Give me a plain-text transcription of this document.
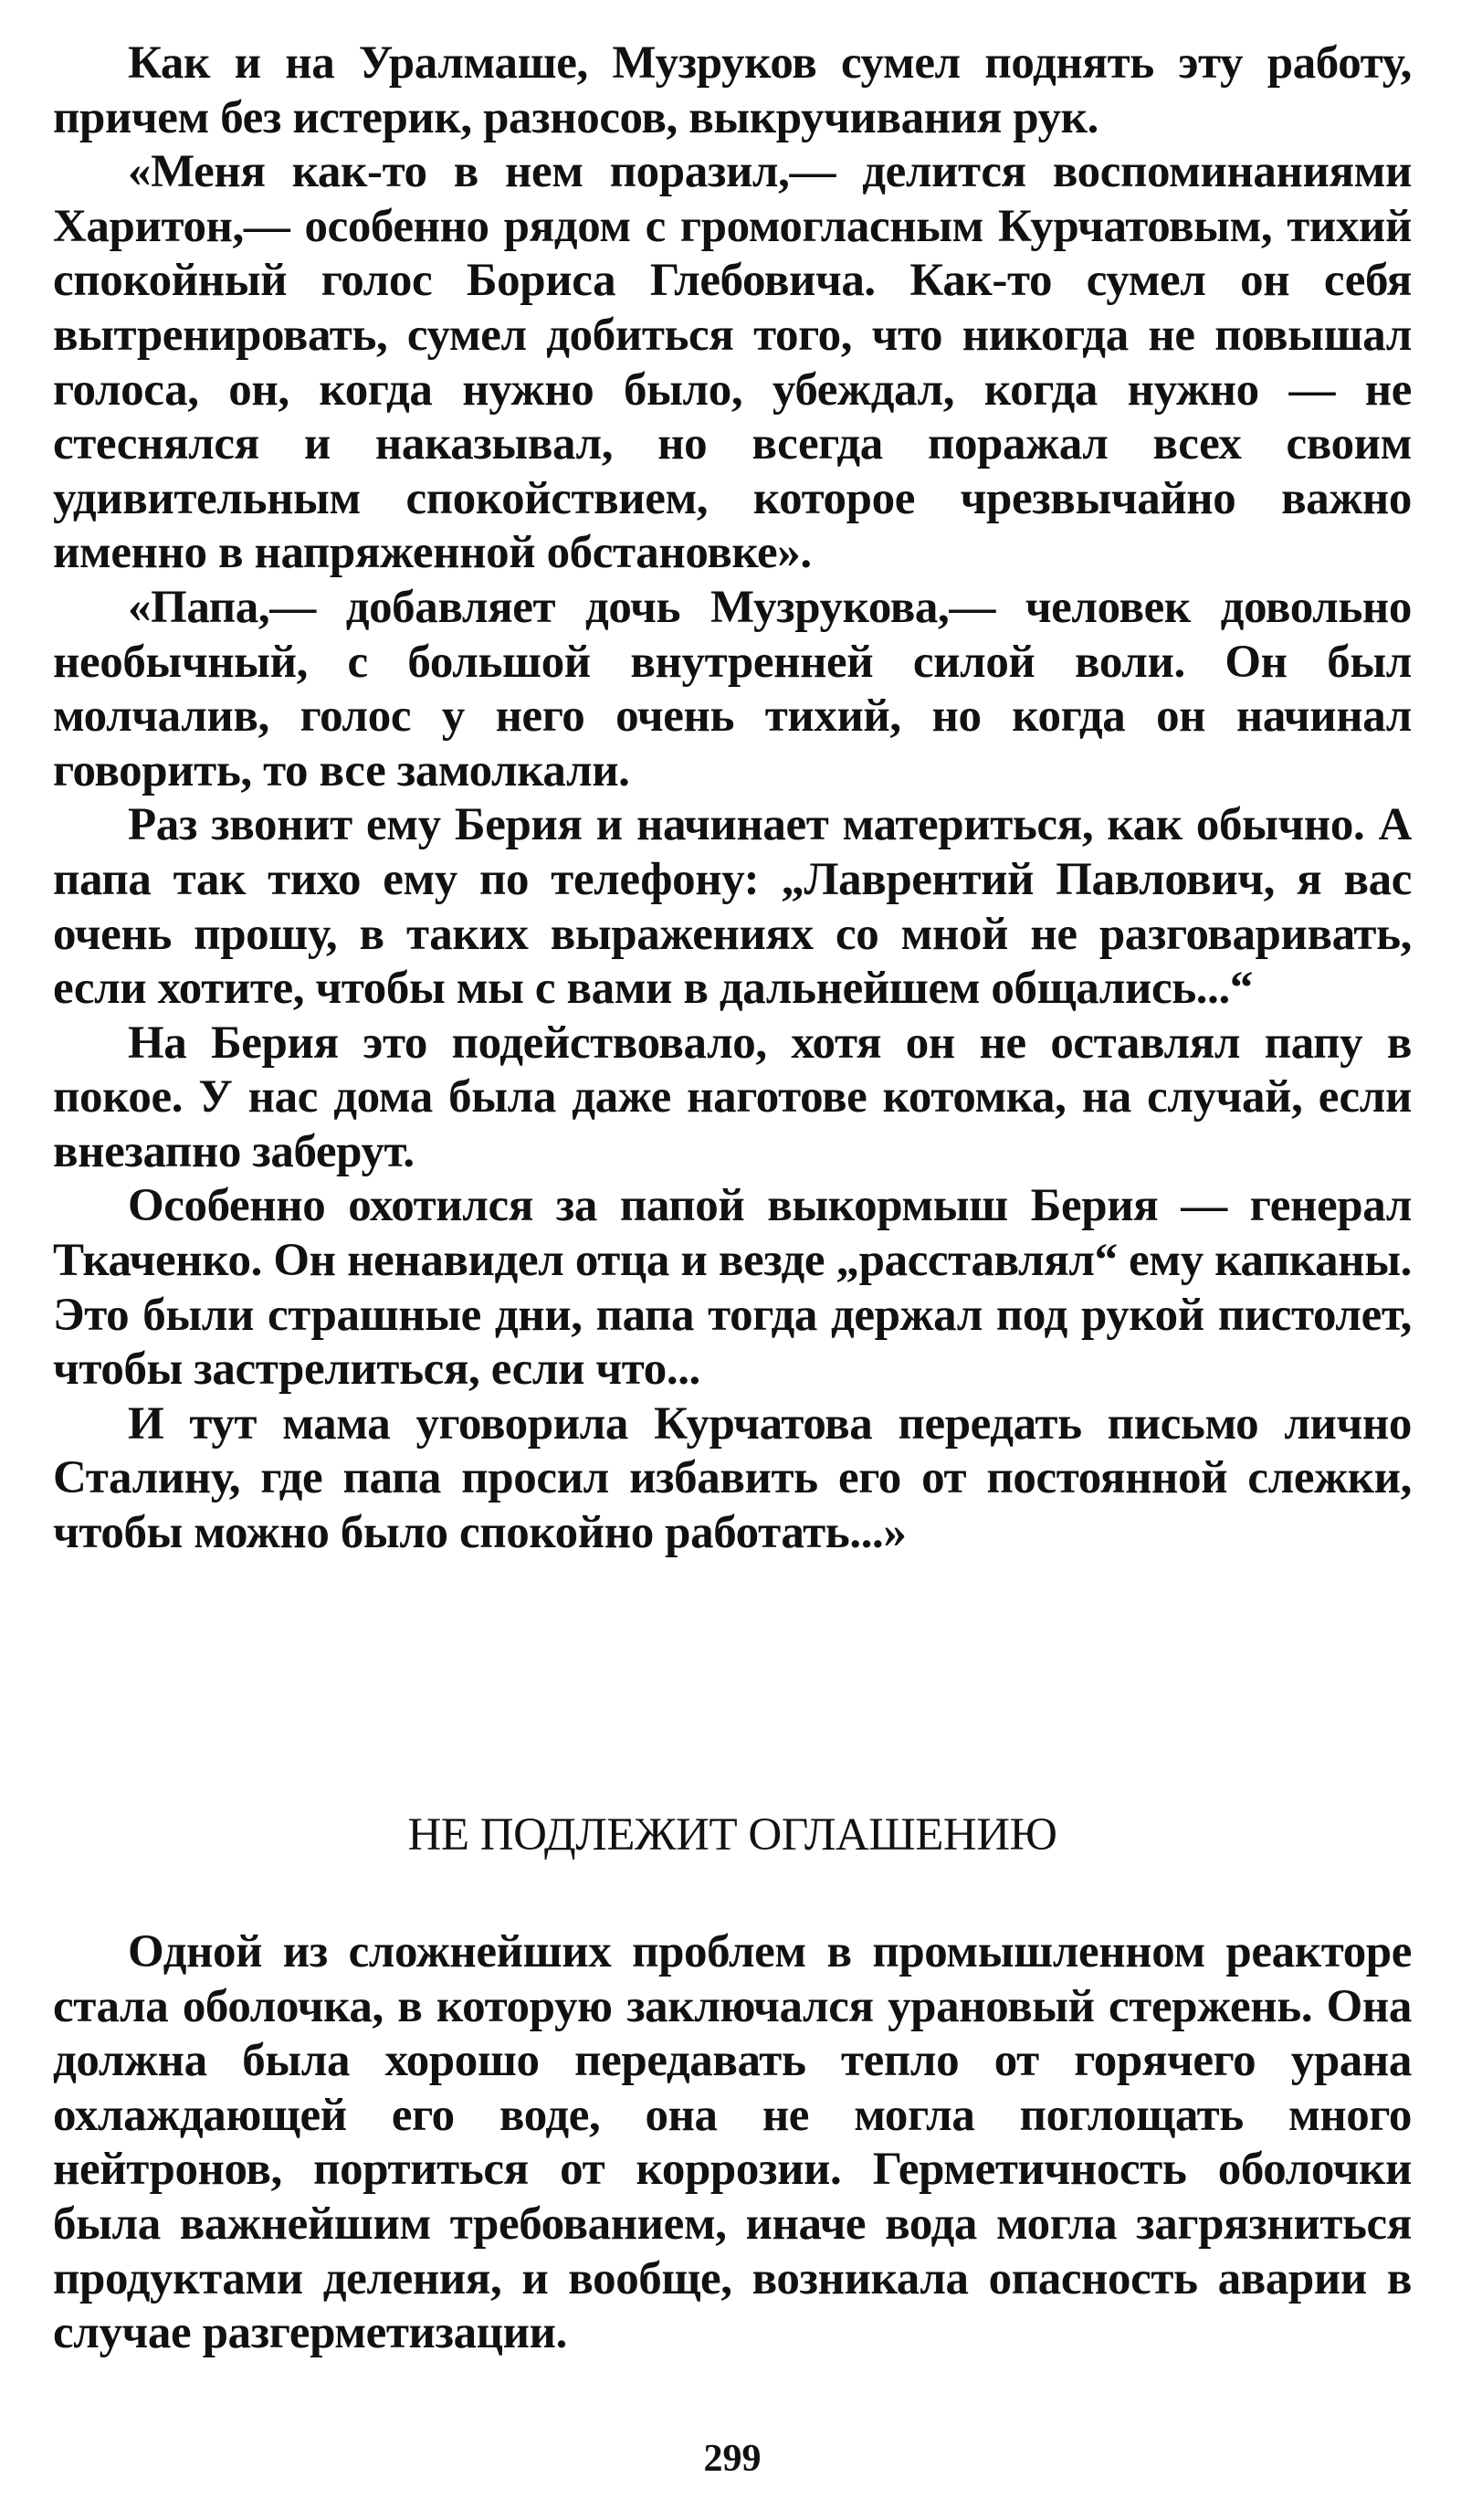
Как и на Уралмаше, Музруков сумел поднять эту работу, причем без истерик, разносов, выкручивания рук.

«Меня как-то в нем поразил,— делится воспоминаниями Харитон,— особенно рядом с громогласным Курчатовым, тихий спокойный голос Бориса Глебовича. Как-то сумел он себя вытренировать, сумел добиться того, что никогда не повышал голоса, он, когда нужно было, убеждал, когда нужно — не стеснялся и наказывал, но всегда поражал всех своим удивительным спокойствием, которое чрезвычайно важно именно в напряженной обстановке».

«Папа,— добавляет дочь Музрукова,— человек довольно необычный, с большой внутренней силой воли. Он был молчалив, голос у него очень тихий, но когда он начинал говорить, то все замолкали.

Раз звонит ему Берия и начинает материться, как обычно. А папа так тихо ему по телефону: „Лаврентий Павлович, я вас очень прошу, в таких выражениях со мной не разговаривать, если хотите, чтобы мы с вами в дальнейшем общались...“

На Берия это подействовало, хотя он не оставлял папу в покое. У нас дома была даже наготове котомка, на случай, если внезапно заберут.

Особенно охотился за папой выкормыш Берия — генерал Ткаченко. Он ненавидел отца и везде „расставлял“ ему капканы. Это были страшные дни, папа тогда держал под рукой пистолет, чтобы застрелиться, если что...

И тут мама уговорила Курчатова передать письмо лично Сталину, где папа просил избавить его от постоянной слежки, чтобы можно было спокойно работать...»

НЕ ПОДЛЕЖИТ ОГЛАШЕНИЮ

Одной из сложнейших проблем в промышленном реакторе стала оболочка, в которую заключался урановый стержень. Она должна была хорошо передавать тепло от горячего урана охлаждающей его воде, она не могла поглощать много нейтронов, портиться от коррозии. Герметичность оболочки была важнейшим требованием, иначе вода могла загрязниться продуктами деления, и вообще, возникала опасность аварии в случае разгерметизации.

299
